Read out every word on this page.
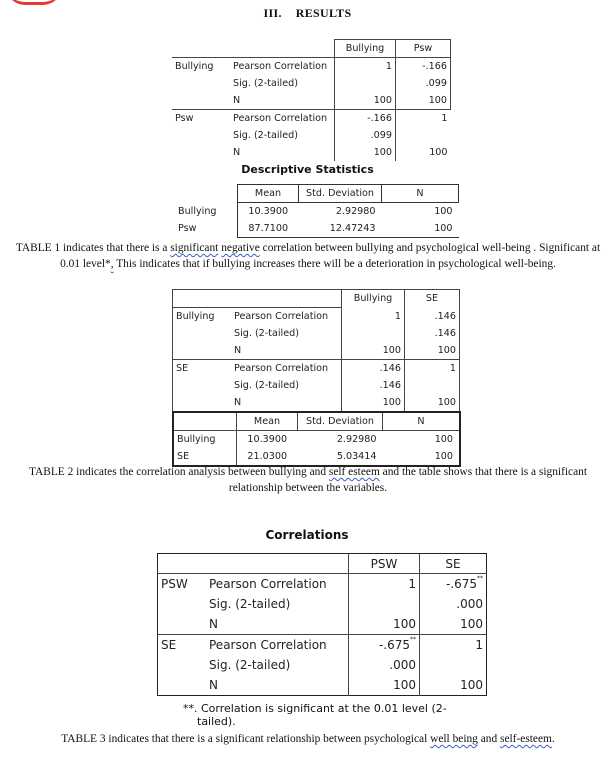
III. RESULTS
		Bullying	Psw
Bullying	Pearson Correlation	1	-.166
	Sig. (2-tailed)		.099
	N	100	100
Psw	Pearson Correlation	-.166	1
	Sig. (2-tailed)	.099	
	N	100	100
Descriptive Statistics
	Mean	Std. Deviation	N
Bullying	10.3900	2.92980	100
Psw	87.7100	12.47243	100
TABLE 1 indicates that there is a significant negative correlation between bullying and psychological well-being . Significant at
0.01 level*, This indicates that if bullying increases there will be a deterioration in psychological well-being.
		Bullying	SE
Bullying	Pearson Correlation	1	.146
	Sig. (2-tailed)		.146
	N	100	100
SE	Pearson Correlation	.146	1
	Sig. (2-tailed)	.146	
	N	100	100
	Mean	Std. Deviation	N
Bullying	10.3900	2.92980	100
SE	21.0300	5.03414	100
TABLE 2 indicates the correlation analysis between bullying and self esteem and the table shows that there is a significant
relationship between the variables.
Correlations
		PSW	SE
PSW	Pearson Correlation	1	-.675**
	Sig. (2-tailed)		.000
	N	100	100
SE	Pearson Correlation	-.675**	1
	Sig. (2-tailed)	.000	
	N	100	100
**. Correlation is significant at the 0.01 level (2-
tailed).
TABLE 3 indicates that there is a significant relationship between psychological well being and self-esteem.
